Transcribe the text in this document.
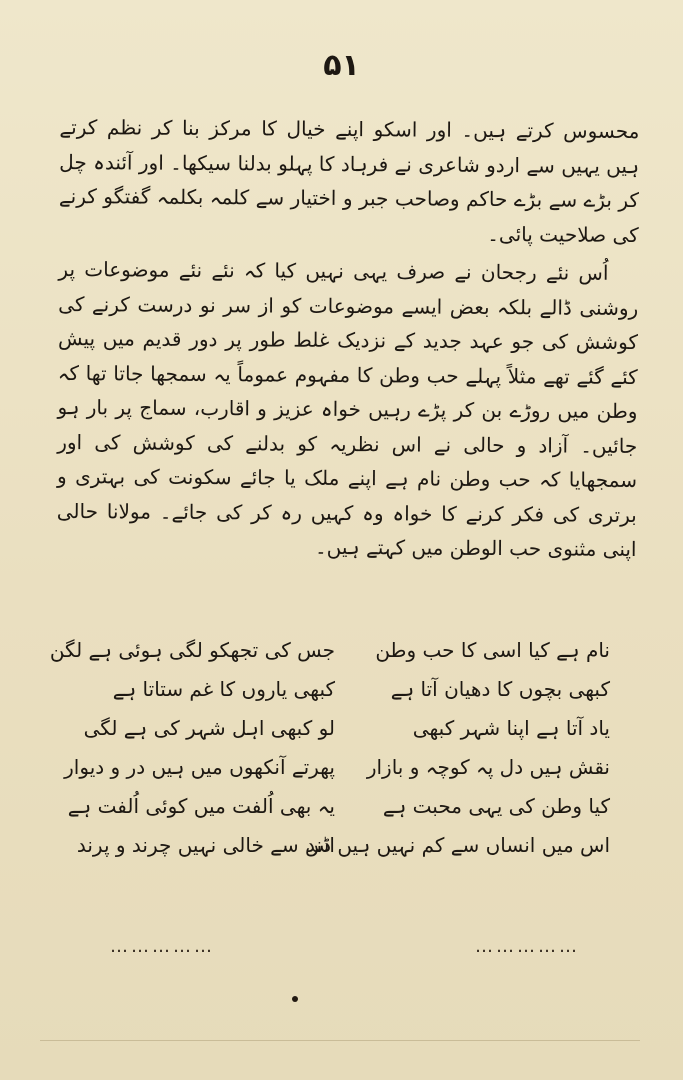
۵۱

محسوس کرتے ہیں۔ اور اسکو اپنے خیال کا مرکز بنا کر نظم کرتے ہیں یہیں سے اردو شاعری نے فرہاد کا پہلو بدلنا سیکھا۔ اور آئندہ چل کر بڑے سے بڑے حاکم وصاحب جبر و اختیار سے کلمہ بکلمہ گفتگو کرنے کی صلاحیت پائی۔

اُس نئے رجحان نے صرف یہی نہیں کیا کہ نئے نئے موضوعات پر روشنی ڈالے بلکہ بعض ایسے موضوعات کو از سر نو درست کرنے کی کوشش کی جو عہد جدید کے نزدیک غلط طور پر دور قدیم میں پیش کئے گئے تھے مثلاً پہلے حب وطن کا مفہوم عموماً یہ سمجھا جاتا تھا کہ وطن میں روڑے بن کر پڑے رہیں خواہ عزیز و اقارب، سماج پر بار ہو جائیں۔ آزاد و حالی نے اس نظریہ کو بدلنے کی کوشش کی اور سمجھایا کہ حب وطن نام ہے اپنے ملک یا جائے سکونت کی بہتری و برتری کی فکر کرنے کا خواہ وہ کہیں رہ کر کی جائے۔ مولانا حالی اپنی مثنوی حب الوطن میں کہتے ہیں۔

نام ہے کیا اسی کا حب وطن
جس کی تجھکو لگی ہوئی ہے لگن
کبھی بچوں کا دھیان آتا ہے
کبھی یاروں کا غم ستاتا ہے
یاد آتا ہے اپنا شہر کبھی
لو کبھی اہل شہر کی ہے لگی
نقش ہیں دل پہ کوچہ و بازار
پھرتے آنکھوں میں ہیں در و دیوار
کیا وطن کی یہی محبت ہے
یہ بھی اُلفت میں کوئی اُلفت ہے
اس میں انساں سے کم نہیں ہیں ڈند
اس سے خالی نہیں چرند و پرند
……………
……………
